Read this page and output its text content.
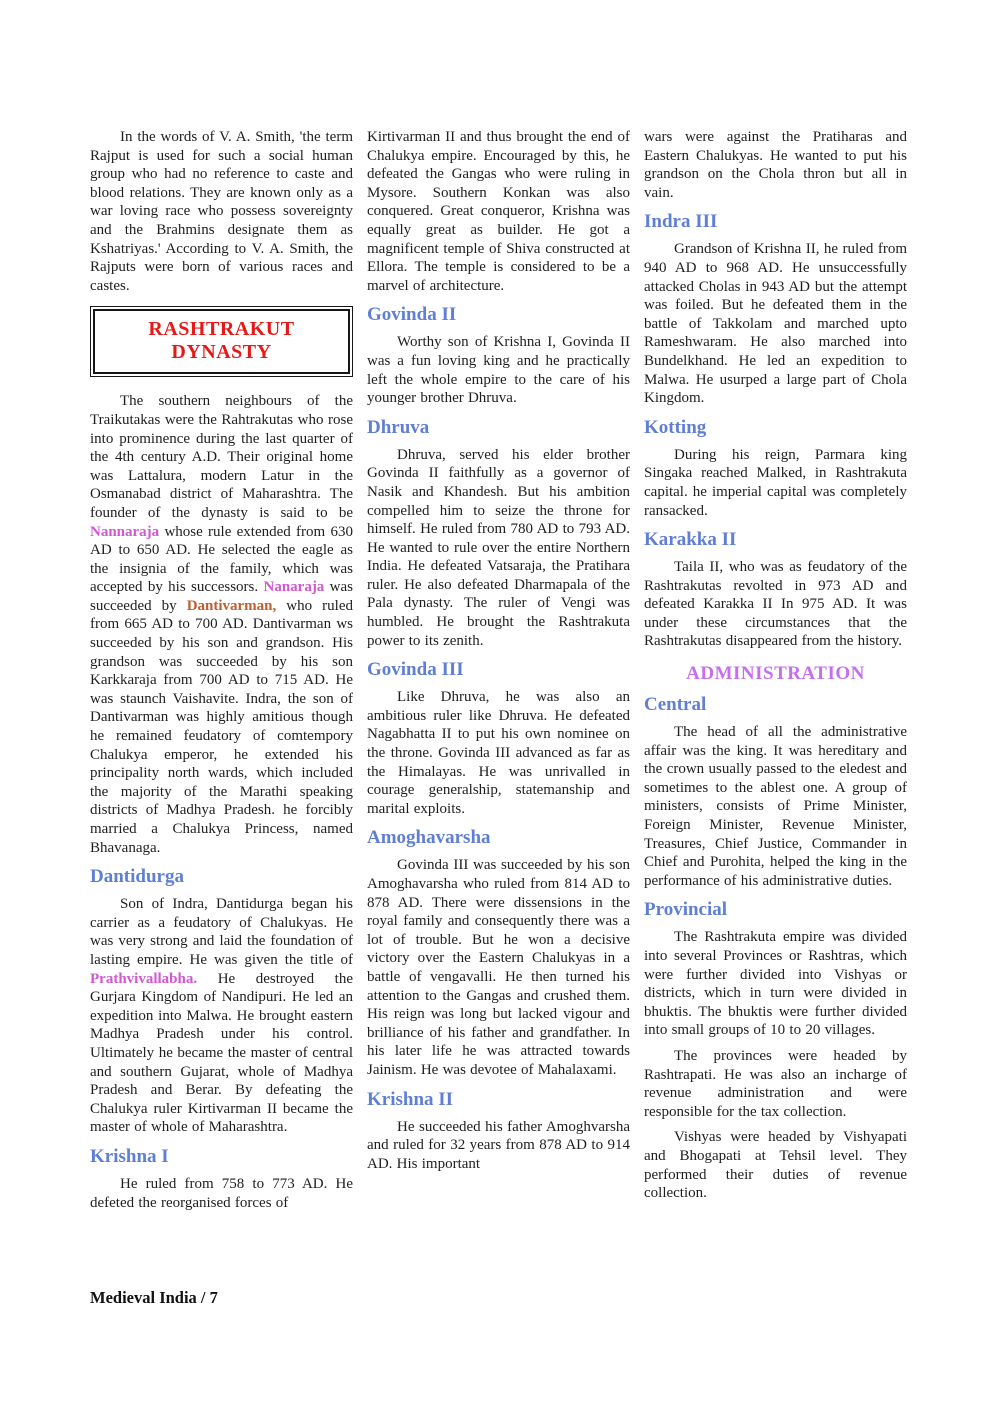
In the words of V. A. Smith, 'the term Rajput is used for such a social human group who had no reference to caste and blood relations. They are known only as a war loving race who possess sovereignty and the Brahmins designate them as Kshatriyas.' According to V. A. Smith, the Rajputs were born of various races and castes.

RASHTRAKUT
DYNASTY

The southern neighbours of the Traikutakas were the Rahtrakutas who rose into prominence during the last quarter of the 4th century A.D. Their original home was Lattalura, modern Latur in the Osmanabad district of Maharashtra. The founder of the dynasty is said to be Nannaraja whose rule extended from 630 AD to 650 AD. He selected the eagle as the insignia of the family, which was accepted by his successors. Nanaraja was succeeded by Dantivarman, who ruled from 665 AD to 700 AD. Dantivarman ws succeeded by his son and grandson. His grandson was succeeded by his son Karkkaraja from 700 AD to 715 AD. He was staunch Vaishavite. Indra, the son of Dantivarman was highly amitious though he remained feudatory of comtempory Chalukya emperor, he extended his principality north wards, which included the majority of the Marathi speaking districts of Madhya Pradesh. he forcibly married a Chalukya Princess, named Bhavanaga.

Dantidurga

Son of Indra, Dantidurga began his carrier as a feudatory of Chalukyas. He was very strong and laid the foundation of lasting empire. He was given the title of Prathvivallabha. He destroyed the Gurjara Kingdom of Nandipuri. He led an expedition into Malwa. He brought eastern Madhya Pradesh under his control. Ultimately he became the master of central and southern Gujarat, whole of Madhya Pradesh and Berar. By defeating the Chalukya ruler Kirtivarman II became the master of whole of Maharashtra.

Krishna I

He ruled from 758 to 773 AD. He defeted the reorganised forces of

Kirtivarman II and thus brought the end of Chalukya empire. Encouraged by this, he defeated the Gangas who were ruling in Mysore. Southern Konkan was also conquered. Great conqueror, Krishna was equally great as builder. He got a magnificent temple of Shiva constructed at Ellora. The temple is considered to be a marvel of architecture.

Govinda II

Worthy son of Krishna I, Govinda II was a fun loving king and he practically left the whole empire to the care of his younger brother Dhruva.

Dhruva

Dhruva, served his elder brother Govinda II faithfully as a governor of Nasik and Khandesh. But his ambition compelled him to seize the throne for himself. He ruled from 780 AD to 793 AD. He wanted to rule over the entire Northern India. He defeated Vatsaraja, the Pratihara ruler. He also defeated Dharmapala of the Pala dynasty. The ruler of Vengi was humbled. He brought the Rashtrakuta power to its zenith.

Govinda III

Like Dhruva, he was also an ambitious ruler like Dhruva. He defeated Nagabhatta II to put his own nominee on the throne. Govinda III advanced as far as the Himalayas. He was unrivalled in courage generalship, statemanship and marital exploits.

Amoghavarsha

Govinda III was succeeded by his son Amoghavarsha who ruled from 814 AD to 878 AD. There were dissensions in the royal family and consequently there was a lot of trouble. But he won a decisive victory over the Eastern Chalukyas in a battle of vengavalli. He then turned his attention to the Gangas and crushed them. His reign was long but lacked vigour and brilliance of his father and grandfather. In his later life he was attracted towards Jainism. He was devotee of Mahalaxami.

Krishna II

He succeeded his father Amoghvarsha and ruled for 32 years from 878 AD to 914 AD. His important

wars were against the Pratiharas and Eastern Chalukyas. He wanted to put his grandson on the Chola thron but all in vain.

Indra III

Grandson of Krishna II, he ruled from 940 AD to 968 AD. He unsuccessfully attacked Cholas in 943 AD but the attempt was foiled. But he defeated them in the battle of Takkolam and marched upto Rameshwaram. He also marched into Bundelkhand. He led an expedition to Malwa. He usurped a large part of Chola Kingdom.

Kotting

During his reign, Parmara king Singaka reached Malked, in Rashtrakuta capital. he imperial capital was completely ransacked.

Karakka II

Taila II, who was as feudatory of the Rashtrakutas revolted in 973 AD and defeated Karakka II In 975 AD. It was under these circumstances that the Rashtrakutas disappeared from the history.

ADMINISTRATION
Central

The head of all the administrative affair was the king. It was hereditary and the crown usually passed to the eledest and sometimes to the ablest one. A group of ministers, consists of Prime Minister, Foreign Minister, Revenue Minister, Treasures, Chief Justice, Commander in Chief and Purohita, helped the king in the performance of his administrative duties.

Provincial

The Rashtrakuta empire was divided into several Provinces or Rashtras, which were further divided into Vishyas or districts, which in turn were divided in bhuktis. The bhuktis were further divided into small groups of 10 to 20 villages.

The provinces were headed by Rashtrapati. He was also an incharge of revenue administration and were responsible for the tax collection.

Vishyas were headed by Vishyapati and Bhogapati at Tehsil level. They performed their duties of revenue collection.

Medieval India / 7
